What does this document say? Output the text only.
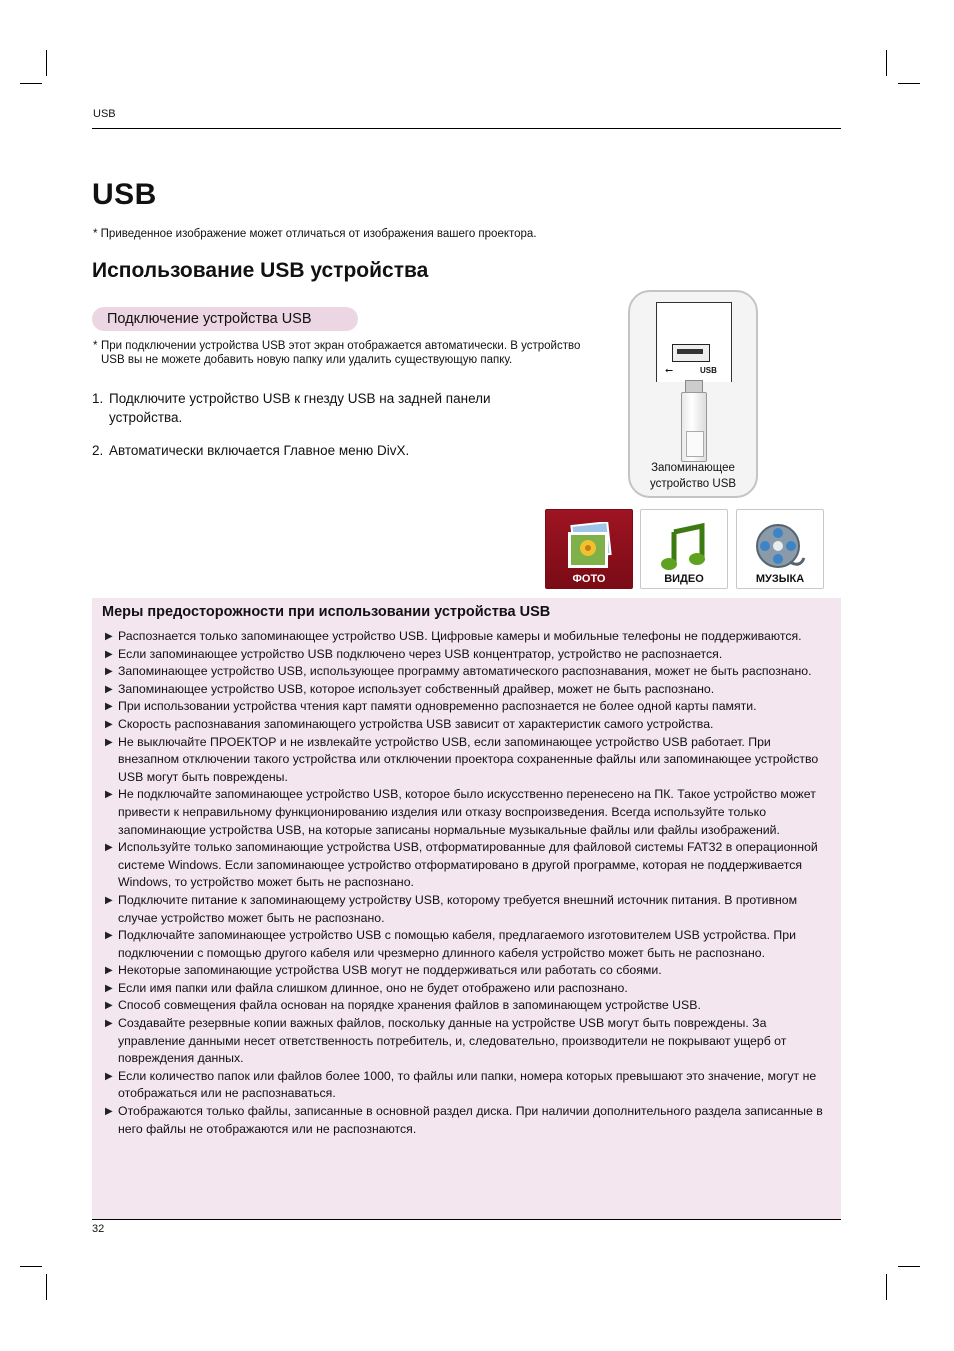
USB
USB
* Приведенное изображение может отличаться от изображения вашего проектора.
Использование USB устройства
Подключение устройства USB
* При подключении устройства USB этот экран отображается автоматически. В устройство USB вы не можете добавить новую папку или удалить существующую папку.
1. Подключите устройство USB к гнезду USB на задней панели устройства.
2. Автоматически включается Главное меню DivX.
⭠	USB
Запоминающее
устройство USB
ФОТО	ВИДЕО	МУЗЫКА
Меры предосторожности при использовании устройства USB
▶ Распознается только запоминающее устройство USB. Цифровые камеры и мобильные телефоны не поддерживаются.
▶ Если запоминающее устройство USB подключено через USB концентратор, устройство не распознается.
▶ Запоминающее устройство USB, использующее программу автоматического распознавания, может не быть распознано.
▶ Запоминающее устройство USB, которое использует собственный драйвер, может не быть распознано.
▶ При использовании устройства чтения карт памяти одновременно распознается не более одной карты памяти.
▶ Скорость распознавания запоминающего устройства USB зависит от характеристик самого устройства.
▶ Не выключайте ПРОЕКТОР и не извлекайте устройство USB, если запоминающее устройство USB работает. При внезапном отключении такого устройства или отключении проектора сохраненные файлы или запоминающее устройство USB могут быть повреждены.
▶ Не подключайте запоминающее устройство USB, которое было искусственно перенесено на ПК. Такое устройство может привести к неправильному функционированию изделия или отказу воспроизведения. Всегда используйте только запоминающие устройства USB, на которые записаны нормальные музыкальные файлы или файлы изображений.
▶ Используйте только запоминающие устройства USB, отформатированные для файловой системы FAT32 в операционной системе Windows. Если запоминающее устройство отформатировано в другой программе, которая не поддерживается Windows, то устройство может быть не распознано.
▶ Подключите питание к запоминающему устройству USB, которому требуется внешний источник питания. В противном случае устройство может быть не распознано.
▶ Подключайте запоминающее устройство USB с помощью кабеля, предлагаемого изготовителем USB устройства. При подключении с помощью другого кабеля или чрезмерно длинного кабеля устройство может быть не распознано.
▶ Некоторые запоминающие устройства USB могут не поддерживаться или работать со сбоями.
▶ Если имя папки или файла слишком длинное, оно не будет отображено или распознано.
▶ Способ совмещения файла основан на порядке хранения файлов в запоминающем устройстве USB.
▶ Создавайте резервные копии важных файлов, поскольку данные на устройстве USB могут быть повреждены. За управление данными несет ответственность потребитель, и, следовательно, производители не покрывают ущерб от повреждения данных.
▶ Если количество папок или файлов более 1000, то файлы или папки, номера которых превышают это значение, могут не отображаться или не распознаваться.
▶ Отображаются только файлы, записанные в основной раздел диска. При наличии дополнительного раздела записанные в него файлы не отображаются или не распознаются.
32
